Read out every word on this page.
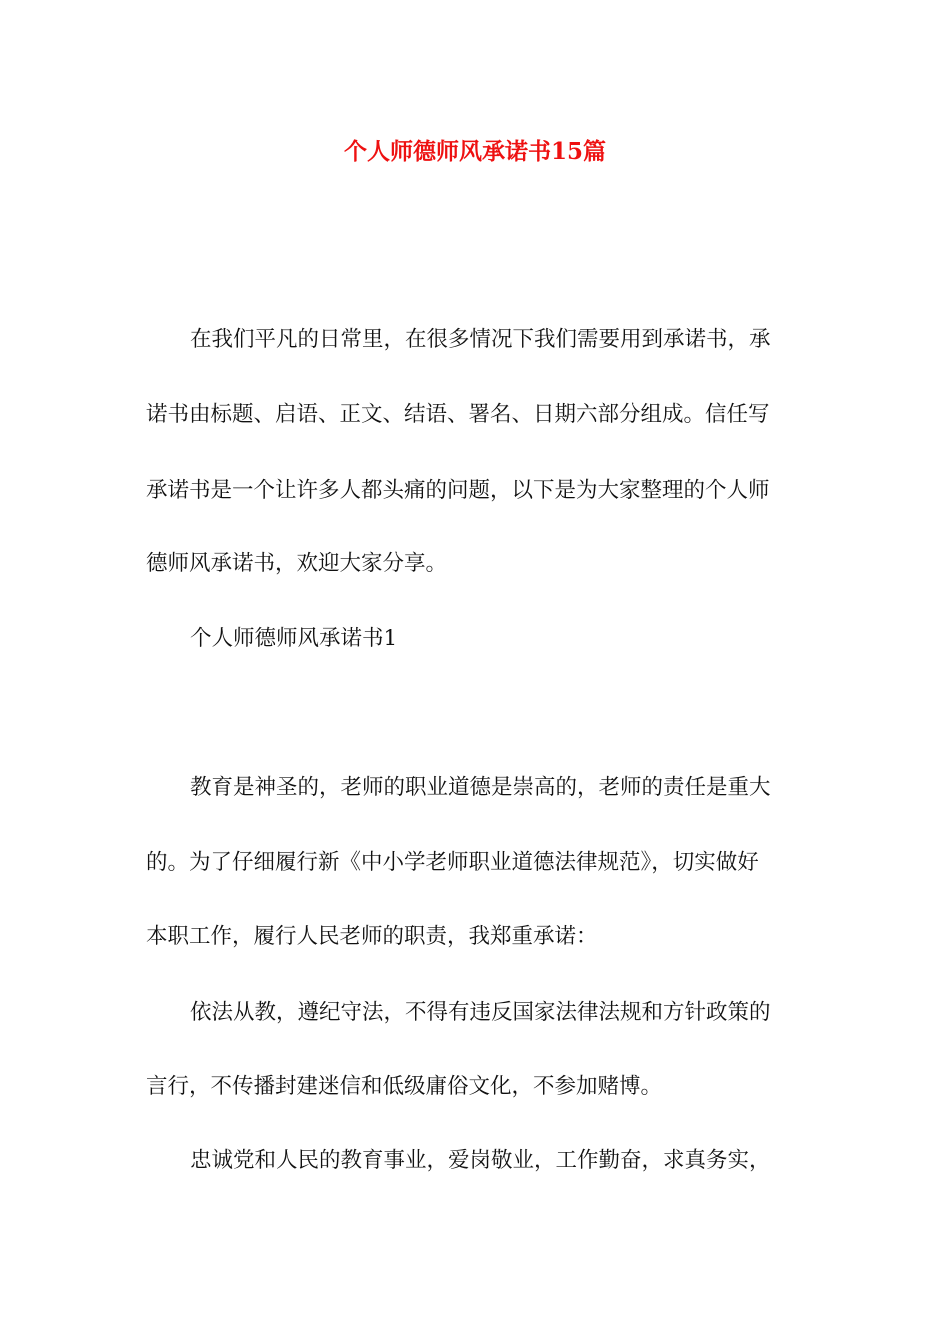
个人师德师风承诺书15篇
在我们平凡的日常里，在很多情况下我们需要用到承诺书，承
诺书由标题、启语、正文、结语、署名、日期六部分组成。信任写
承诺书是一个让许多人都头痛的问题，以下是为大家整理的个人师
德师风承诺书，欢迎大家分享。
个人师德师风承诺书1
教育是神圣的，老师的职业道德是崇高的，老师的责任是重大
的。为了仔细履行新《中小学老师职业道德法律规范》，切实做好
本职工作，履行人民老师的职责，我郑重承诺：
依法从教，遵纪守法，不得有违反国家法律法规和方针政策的
言行，不传播封建迷信和低级庸俗文化，不参加赌博。
忠诚党和人民的教育事业，爱岗敬业，工作勤奋，求真务实，
